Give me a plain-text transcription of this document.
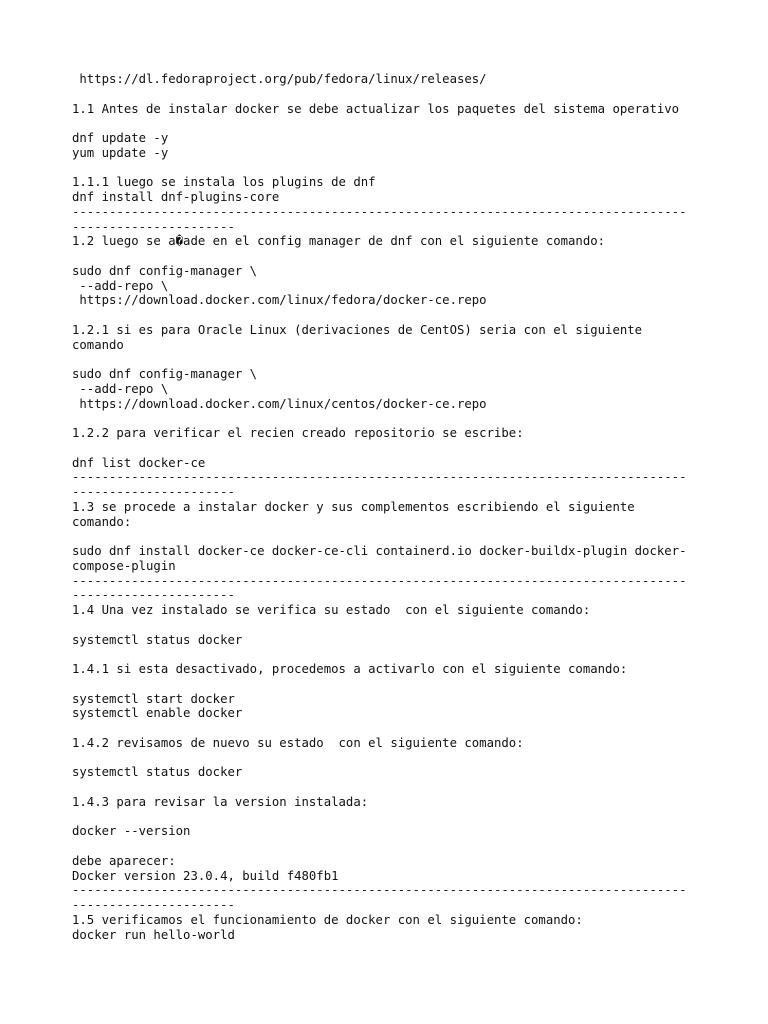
https://dl.fedoraproject.org/pub/fedora/linux/releases/
1.1 Antes de instalar docker se debe actualizar los paquetes del sistema operativo
dnf update -y
yum update -y
1.1.1 luego se instala los plugins de dnf
dnf install dnf-plugins-core
-----------------------------------------------------------------------------------
----------------------
1.2 luego se a�ade en el config manager de dnf con el siguiente comando:
sudo dnf config-manager \
--add-repo \
https://download.docker.com/linux/fedora/docker-ce.repo
1.2.1 si es para Oracle Linux (derivaciones de CentOS) seria con el siguiente
comando
sudo dnf config-manager \
--add-repo \
https://download.docker.com/linux/centos/docker-ce.repo
1.2.2 para verificar el recien creado repositorio se escribe:
dnf list docker-ce
-----------------------------------------------------------------------------------
----------------------
1.3 se procede a instalar docker y sus complementos escribiendo el siguiente
comando:
sudo dnf install docker-ce docker-ce-cli containerd.io docker-buildx-plugin docker-
compose-plugin
-----------------------------------------------------------------------------------
----------------------
1.4 Una vez instalado se verifica su estado  con el siguiente comando:
systemctl status docker
1.4.1 si esta desactivado, procedemos a activarlo con el siguiente comando:
systemctl start docker
systemctl enable docker
1.4.2 revisamos de nuevo su estado  con el siguiente comando:
systemctl status docker
1.4.3 para revisar la version instalada:
docker --version
debe aparecer:
Docker version 23.0.4, build f480fb1
-----------------------------------------------------------------------------------
----------------------
1.5 verificamos el funcionamiento de docker con el siguiente comando:
docker run hello-world
